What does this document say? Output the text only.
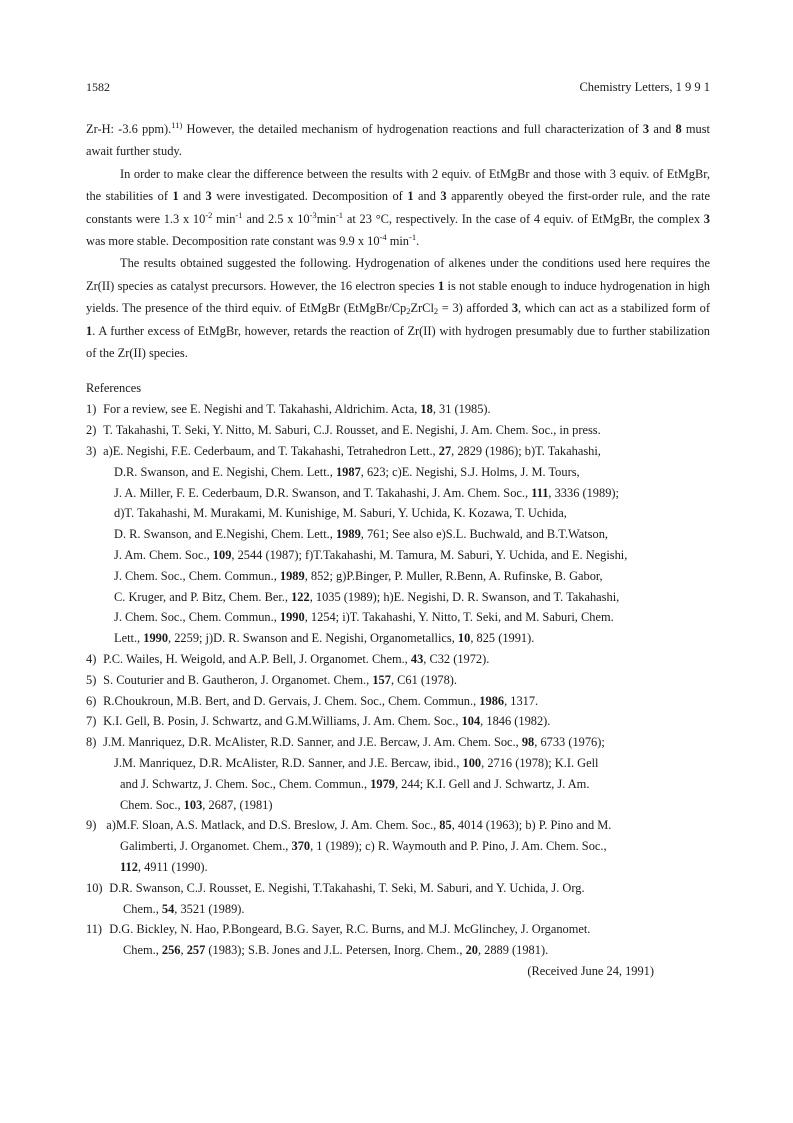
1582	Chemistry Letters, 1 9 9 1

Zr-H: -3.6 ppm).$^{11)}$ However, the detailed mechanism of hydrogenation reactions and full characterization of 3 and 8 must await further study.

In order to make clear the difference between the results with 2 equiv. of EtMgBr and those with 3 equiv. of EtMgBr, the stabilities of 1 and 3 were investigated. Decomposition of 1 and 3 apparently obeyed the first-order rule, and the rate constants were 1.3 x $10^{-2}$ $\min^{-1}$ and 2.5 x $10^{-3}\min^{-1}$ at 23 °C, respectively. In the case of 4 equiv. of EtMgBr, the complex 3 was more stable. Decomposition rate constant was 9.9 x $10^{-4}$ $\min^{-1}$.

The results obtained suggested the following. Hydrogenation of alkenes under the conditions used here requires the Zr(II) species as catalyst precursors. However, the 16 electron species 1 is not stable enough to induce hydrogenation in high yields. The presence of the third equiv. of EtMgBr $(EtMgBr/Cp_2ZrCl_2 = 3)$ afforded 3, which can act as a stabilized form of 1. A further excess of EtMgBr, however, retards the reaction of Zr(II) with hydrogen presumably due to further stabilization of the Zr(II) species.

References
1) For a review, see E. Negishi and T. Takahashi, Aldrichim. Acta, 18, 31 (1985).
2) T. Takahashi, T. Seki, Y. Nitto, M. Saburi, C.J. Rousset, and E. Negishi, J. Am. Chem. Soc., in press.
3) a)E. Negishi, F.E. Cederbaum, and T. Takahashi, Tetrahedron Lett., 27, 2829 (1986); b)T. Takahashi,
D.R. Swanson, and E. Negishi, Chem. Lett., 1987, 623; c)E. Negishi, S.J. Holms, J. M. Tours,
J. A. Miller, F. E. Cederbaum, D.R. Swanson, and T. Takahashi, J. Am. Chem. Soc., 111, 3336 (1989);
d)T. Takahashi, M. Murakami, M. Kunishige, M. Saburi, Y. Uchida, K. Kozawa, T. Uchida,
D. R. Swanson, and E.Negishi, Chem. Lett., 1989, 761; See also e)S.L. Buchwald, and B.T.Watson,
J. Am. Chem. Soc., 109, 2544 (1987); f)T.Takahashi, M. Tamura, M. Saburi, Y. Uchida, and E. Negishi,
J. Chem. Soc., Chem. Commun., 1989, 852; g)P.Binger, P. Muller, R.Benn, A. Rufinske, B. Gabor,
C. Kruger, and P. Bitz, Chem. Ber., 122, 1035 (1989); h)E. Negishi, D. R. Swanson, and T. Takahashi,
J. Chem. Soc., Chem. Commun., 1990, 1254; i)T. Takahashi, Y. Nitto, T. Seki, and M. Saburi, Chem.
Lett., 1990, 2259; j)D. R. Swanson and E. Negishi, Organometallics, 10, 825 (1991).
4) P.C. Wailes, H. Weigold, and A.P. Bell, J. Organomet. Chem., 43, C32 (1972).
5) S. Couturier and B. Gautheron, J. Organomet. Chem., 157, C61 (1978).
6) R.Choukroun, M.B. Bert, and D. Gervais, J. Chem. Soc., Chem. Commun., 1986, 1317.
7) K.I. Gell, B. Posin, J. Schwartz, and G.M.Williams, J. Am. Chem. Soc., 104, 1846 (1982).
8) J.M. Manriquez, D.R. McAlister, R.D. Sanner, and J.E. Bercaw, J. Am. Chem. Soc., 98, 6733 (1976);
J.M. Manriquez, D.R. McAlister, R.D. Sanner, and J.E. Bercaw, ibid., 100, 2716 (1978); K.I. Gell
and J. Schwartz, J. Chem. Soc., Chem. Commun., 1979, 244; K.I. Gell and J. Schwartz, J. Am.
Chem. Soc., 103, 2687, (1981)
9) a)M.F. Sloan, A.S. Matlack, and D.S. Breslow, J. Am. Chem. Soc., 85, 4014 (1963); b) P. Pino and M.
Galimberti, J. Organomet. Chem., 370, 1 (1989); c) R. Waymouth and P. Pino, J. Am. Chem. Soc.,
112, 4911 (1990).
10) D.R. Swanson, C.J. Rousset, E. Negishi, T.Takahashi, T. Seki, M. Saburi, and Y. Uchida, J. Org.
Chem., 54, 3521 (1989).
11) D.G. Bickley, N. Hao, P.Bongeard, B.G. Sayer, R.C. Burns, and M.J. McGlinchey, J. Organomet.
Chem., 256, 257 (1983); S.B. Jones and J.L. Petersen, Inorg. Chem., 20, 2889 (1981).
(Received June 24, 1991)
